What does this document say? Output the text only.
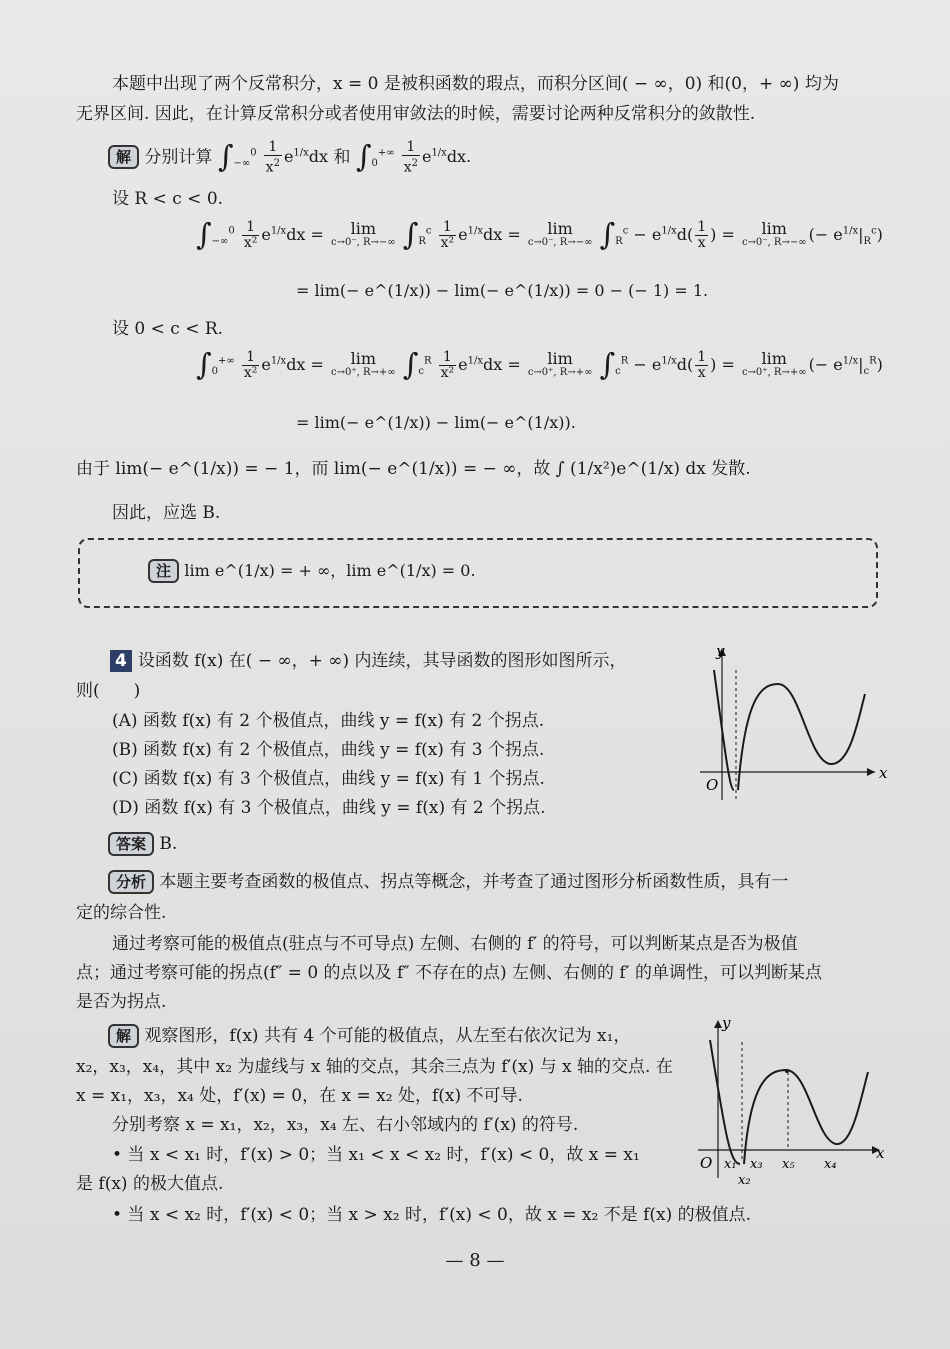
本题中出现了两个反常积分，x = 0 是被积函数的瑕点，而积分区间( − ∞，0) 和(0，+ ∞) 均为
无界区间. 因此，在计算反常积分或者使用审敛法的时候，需要讨论两种反常积分的敛散性.
解 分别计算 $\int_{-\infty}^0 \frac{1}{x^2} e^{1/x}dx$ 和 $\int_0^{+\infty} \frac{1}{x^2} e^{1/x}dx$.
设 R < c < 0.
$\int_{-\infty}^0 \frac{1}{\text{x²}} e^{1/x}dx$ =	lim
c→0⁻, R→−∞ $\int_R^c \frac{1}{\text{x²}} e^{1/x}dx$ =	lim
c→0⁻, R→−∞ $\int_R^c - e^{1/x}d( \frac{1}{x}$ ) =	lim
c→0⁻, R→−∞ (− $e^{1/x}|_R^c$)
= lim(− e^(1/x)) − lim(− e^(1/x)) = 0 − (− 1) = 1.
设 0 < c < R.
$\int_0^{+\infty} \frac{1}{\text{x²}} e^{1/x}dx$ =	lim
c→0⁺, R→+∞ $\int_c^R \frac{1}{\text{x²}} e^{1/x}dx$ =	lim
c→0⁺, R→+∞ $\int_c^R - e^{1/x}d( \frac{1}{x}$ ) =	lim
c→0⁺, R→+∞ (− $e^{1/x}|_c^R$)
= lim(− e^(1/x)) − lim(− e^(1/x)).
由于 lim(− e^(1/x)) = − 1，而 lim(− e^(1/x)) = − ∞，故 ∫ (1/x²)e^(1/x) dx 发散.
因此，应选 B.
注 lim e^(1/x) = + ∞，lim e^(1/x) = 0.
4 设函数 f(x) 在( − ∞，+ ∞) 内连续，其导函数的图形如图所示，
则(　　)
(A) 函数 f(x) 有 2 个极值点，曲线 y = f(x) 有 2 个拐点.
(B) 函数 f(x) 有 2 个极值点，曲线 y = f(x) 有 3 个拐点.
(C) 函数 f(x) 有 3 个极值点，曲线 y = f(x) 有 1 个拐点.
(D) 函数 f(x) 有 3 个极值点，曲线 y = f(x) 有 2 个拐点.
x
y
O
答案 B.
分析 本题主要考查函数的极值点、拐点等概念，并考查了通过图形分析函数性质，具有一
定的综合性.
通过考察可能的极值点(驻点与不可导点) 左侧、右侧的 f′ 的符号，可以判断某点是否为极值
点；通过考察可能的拐点(f″ = 0 的点以及 f″ 不存在的点) 左侧、右侧的 f′ 的单调性，可以判断某点
是否为拐点.
解 观察图形，f(x) 共有 4 个可能的极值点，从左至右依次记为 x₁，
x₂，x₃，x₄，其中 x₂ 为虚线与 x 轴的交点，其余三点为 f′(x) 与 x 轴的交点. 在
x = x₁，x₃，x₄ 处，f′(x) = 0，在 x = x₂ 处，f(x) 不可导.
分别考察 x = x₁，x₂，x₃，x₄ 左、右小邻域内的 f′(x) 的符号.
• 当 x < x₁ 时，f′(x) > 0；当 x₁ < x < x₂ 时，f′(x) < 0，故 x = x₁
是 f(x) 的极大值点.
• 当 x < x₂ 时，f′(x) < 0；当 x > x₂ 时，f′(x) < 0，故 x = x₂ 不是 f(x) 的极值点.
x
y
O x₁
x₂
x₃ x₅ x₄
— 8 —
